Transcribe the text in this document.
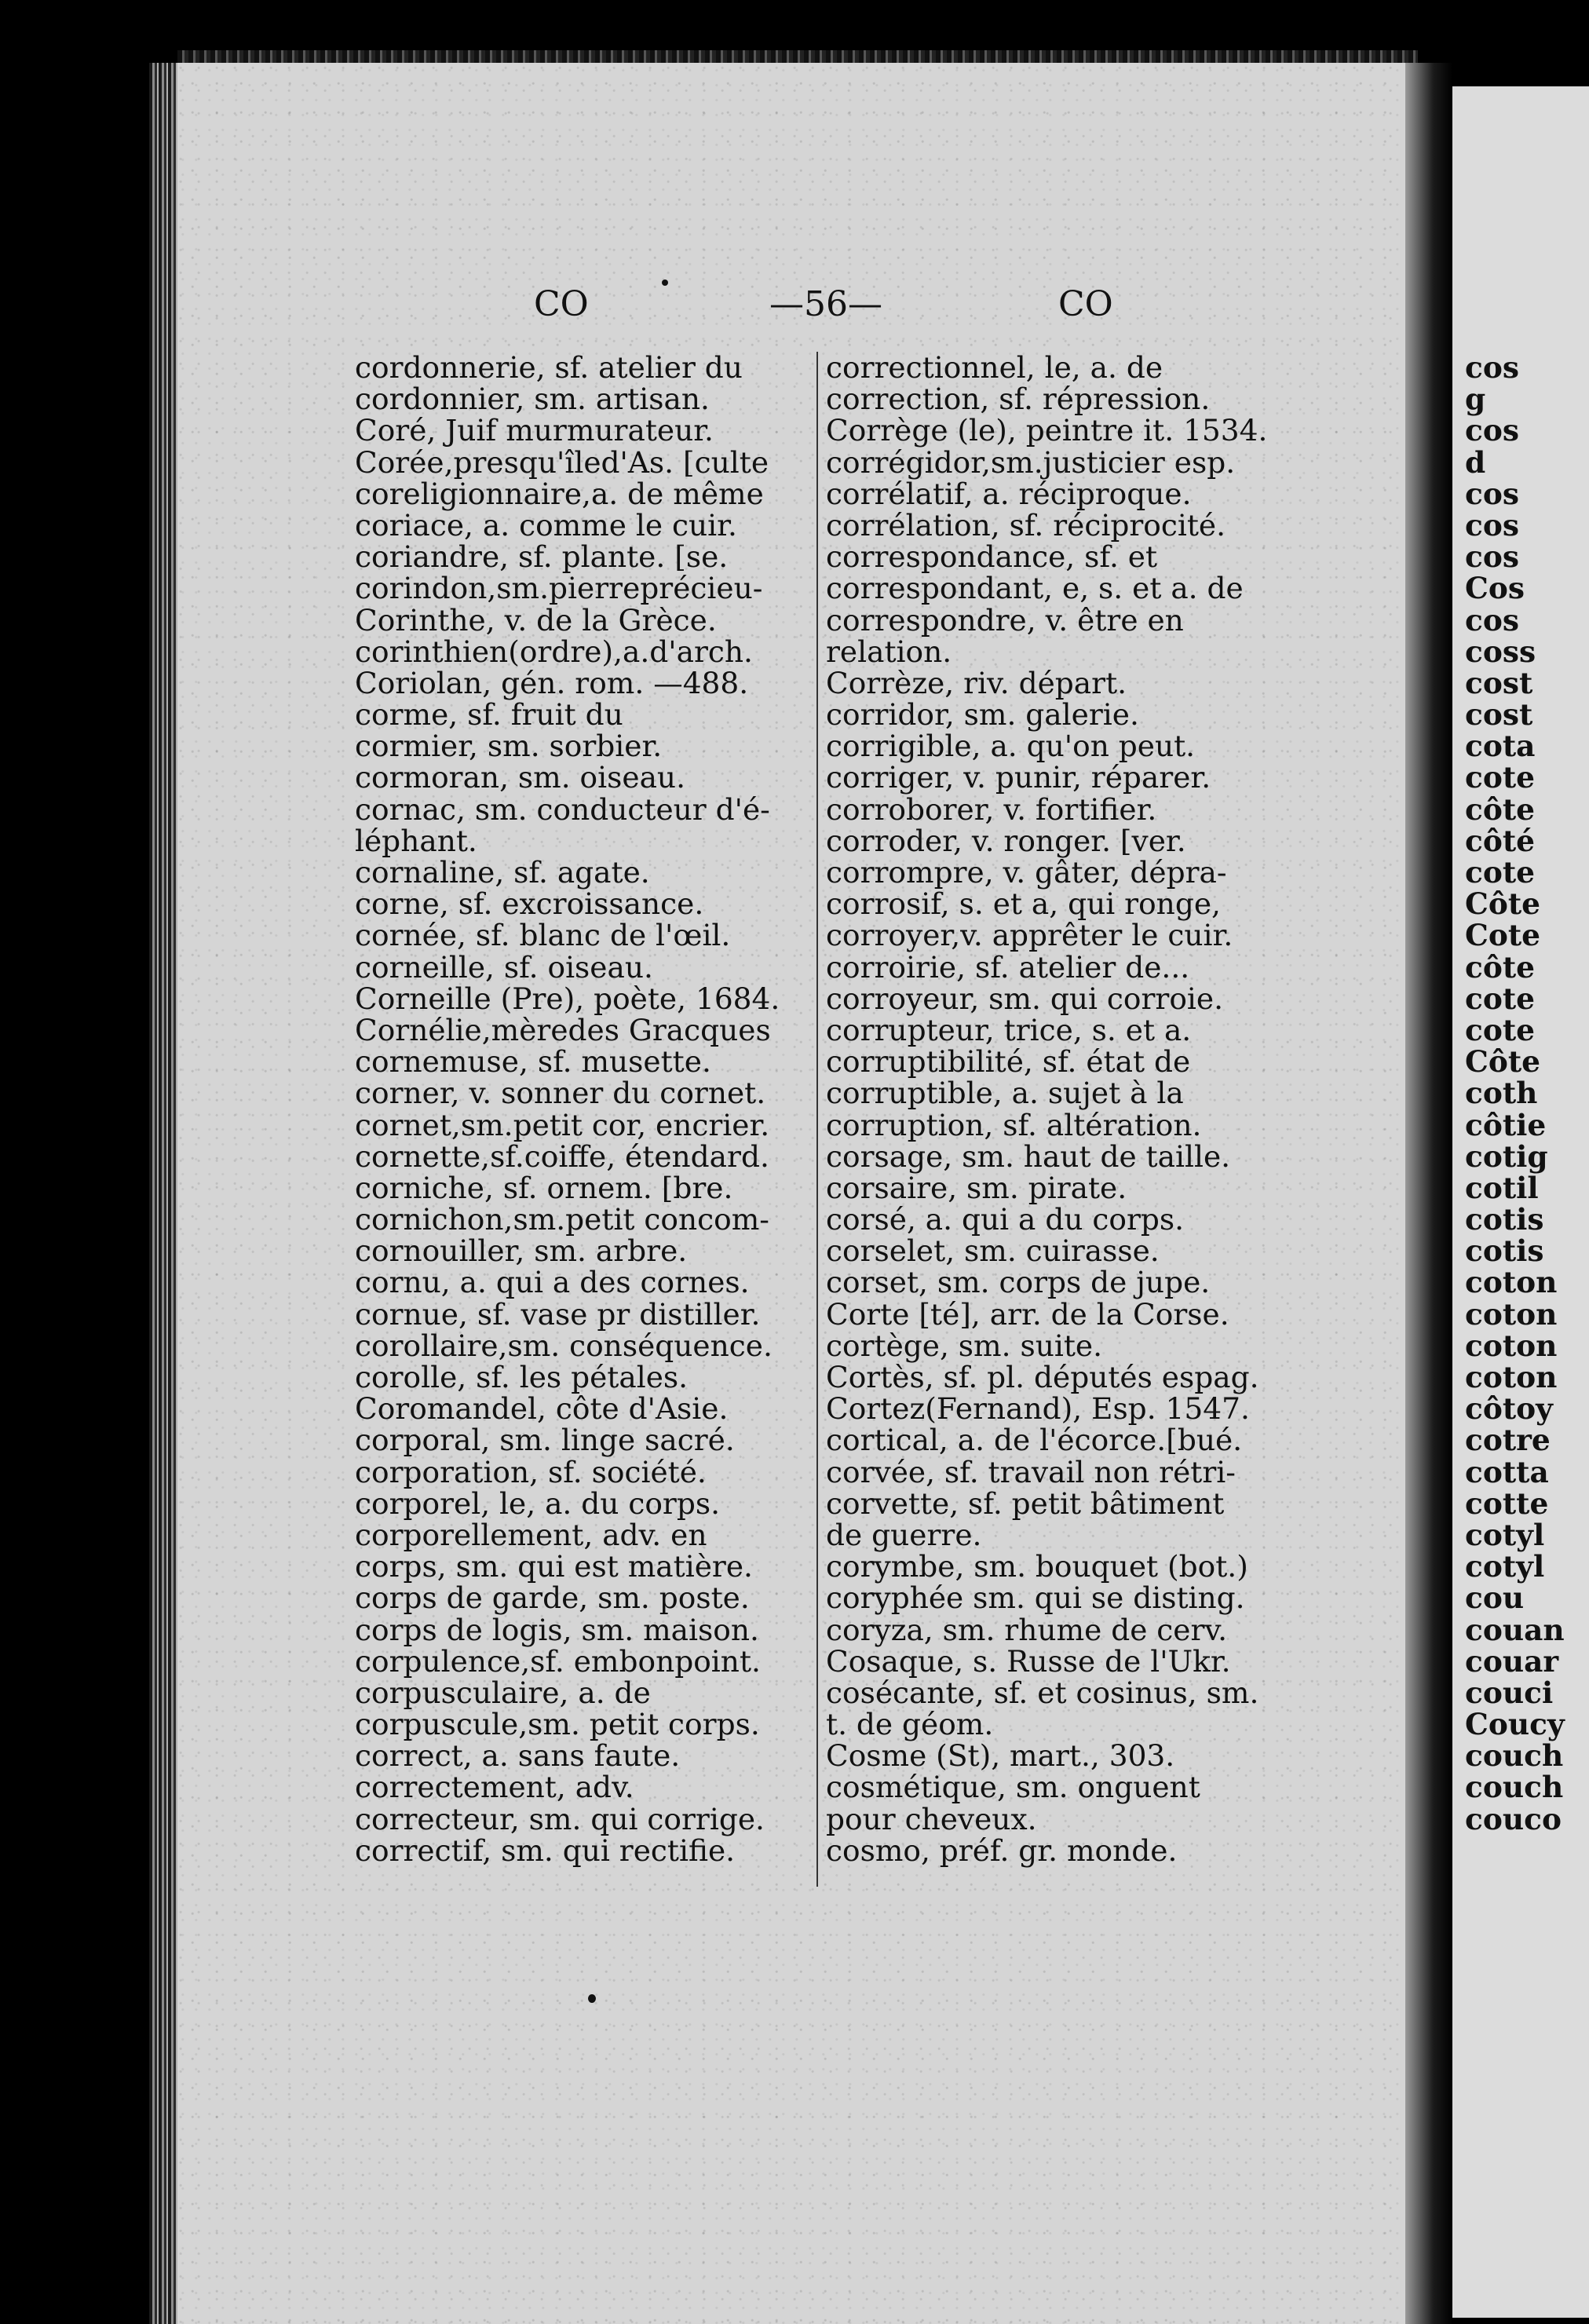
cos
g
cos
d
cos
cos
cos
Cos
cos
coss
cost
cost
cota
cote
côte
côté
cote
Côte
Cote
côte
cote
cote
Côte
coth
côtie
cotig
cotil
cotis
cotis
coton
coton
coton
coton
côtoy
cotre
cotta
cotte
cotyl
cotyl
cou
couan
couar
couci
Coucy
couch
couch
couco
CO	—56—	CO
cordonnerie, sf. atelier du
cordonnier, sm. artisan.
Coré, Juif murmurateur.
Corée,presqu'îled'As. [culte
coreligionnaire,a. de même
coriace, a. comme le cuir.
coriandre, sf. plante. [se.
corindon,sm.pierreprécieu-
Corinthe, v. de la Grèce.
corinthien(ordre),a.d'arch.
Coriolan, gén. rom. —488.
corme, sf. fruit du
cormier, sm. sorbier.
cormoran, sm. oiseau.
cornac, sm. conducteur d'é-
léphant.
cornaline, sf. agate.
corne, sf. excroissance.
cornée, sf. blanc de l'œil.
corneille, sf. oiseau.
Corneille (Pre), poète, 1684.
Cornélie,mèredes Gracques
cornemuse, sf. musette.
corner, v. sonner du cornet.
cornet,sm.petit cor, encrier.
cornette,sf.coiffe, étendard.
corniche, sf. ornem. [bre.
cornichon,sm.petit concom-
cornouiller, sm. arbre.
cornu, a. qui a des cornes.
cornue, sf. vase pr distiller.
corollaire,sm. conséquence.
corolle, sf. les pétales.
Coromandel, côte d'Asie.
corporal, sm. linge sacré.
corporation, sf. société.
corporel, le, a. du corps.
corporellement, adv. en
corps, sm. qui est matière.
corps de garde, sm. poste.
corps de logis, sm. maison.
corpulence,sf. embonpoint.
corpusculaire, a. de
corpuscule,sm. petit corps.
correct, a. sans faute.
correctement, adv.
correcteur, sm. qui corrige.
correctif, sm. qui rectifie.
correctionnel, le, a. de
correction, sf. répression.
Corrège (le), peintre it. 1534.
corrégidor,sm.justicier esp.
corrélatif, a. réciproque.
corrélation, sf. réciprocité.
correspondance, sf. et
correspondant, e, s. et a. de
correspondre, v. être en
relation.
Corrèze, riv. départ.
corridor, sm. galerie.
corrigible, a. qu'on peut.
corriger, v. punir, réparer.
corroborer, v. fortifier.
corroder, v. ronger. [ver.
corrompre, v. gâter, dépra-
corrosif, s. et a, qui ronge,
corroyer,v. apprêter le cuir.
corroirie, sf. atelier de...
corroyeur, sm. qui corroie.
corrupteur, trice, s. et a.
corruptibilité, sf. état de
corruptible, a. sujet à la
corruption, sf. altération.
corsage, sm. haut de taille.
corsaire, sm. pirate.
corsé, a. qui a du corps.
corselet, sm. cuirasse.
corset, sm. corps de jupe.
Corte [té], arr. de la Corse.
cortège, sm. suite.
Cortès, sf. pl. députés espag.
Cortez(Fernand), Esp. 1547.
cortical, a. de l'écorce.[bué.
corvée, sf. travail non rétri-
corvette, sf. petit bâtiment
de guerre.
corymbe, sm. bouquet (bot.)
coryphée sm. qui se disting.
coryza, sm. rhume de cerv.
Cosaque, s. Russe de l'Ukr.
cosécante, sf. et cosinus, sm.
t. de géom.
Cosme (St), mart., 303.
cosmétique, sm. onguent
pour cheveux.
cosmo, préf. gr. monde.
